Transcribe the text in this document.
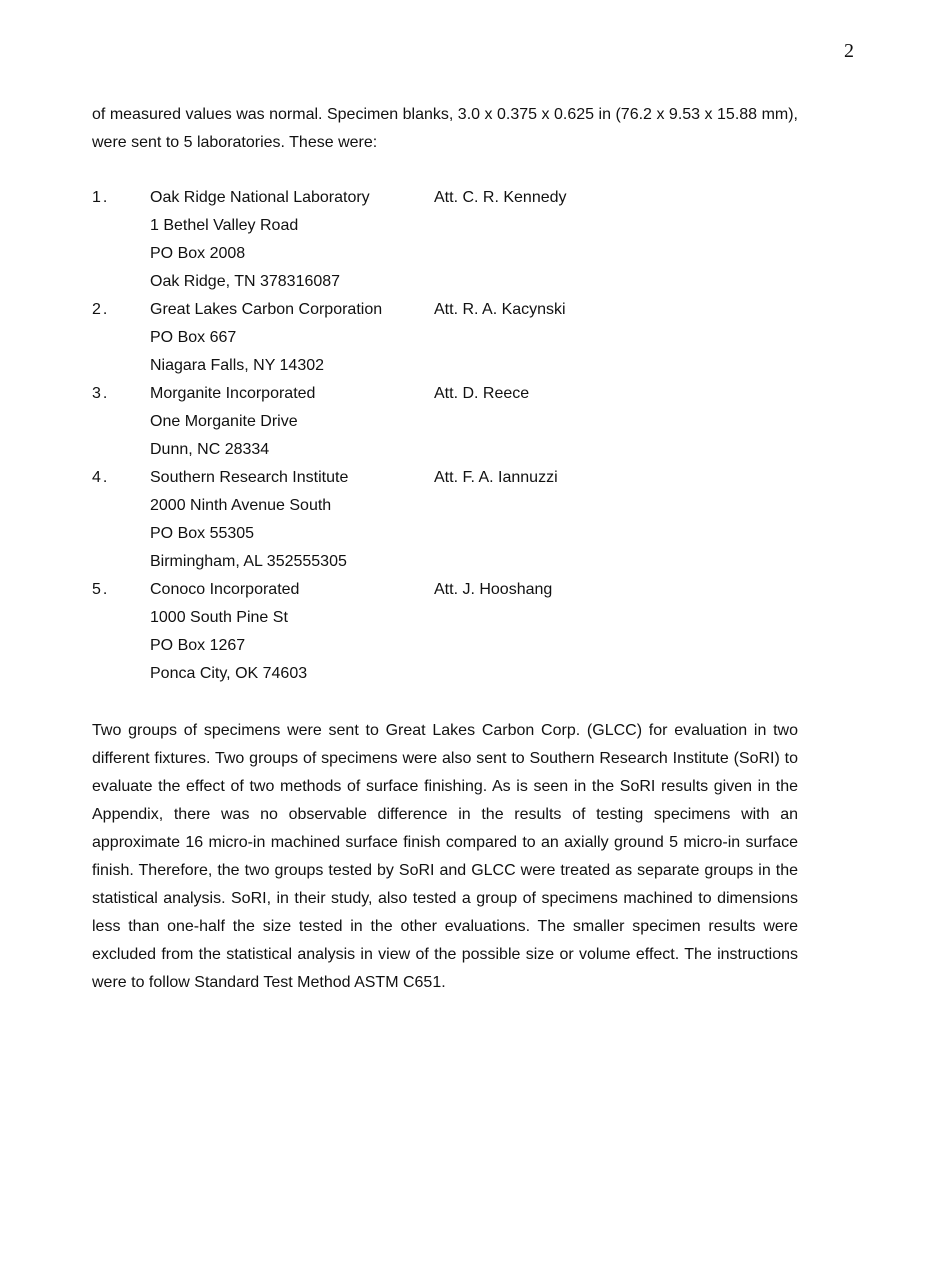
2

of measured values was normal. Specimen blanks, 3.0 x 0.375 x 0.625 in (76.2 x 9.53 x 15.88 mm), were sent to 5 laboratories. These were:

1.	Oak Ridge National Laboratory
1 Bethel Valley Road
PO Box 2008
Oak Ridge, TN 378316087
Att. C. R. Kennedy
2.	Great Lakes Carbon Corporation
PO Box 667
Niagara Falls, NY 14302
Att. R. A. Kacynski
3.	Morganite Incorporated
One Morganite Drive
Dunn, NC 28334
Att. D. Reece
4.	Southern Research Institute
2000 Ninth Avenue South
PO Box 55305
Birmingham, AL 352555305
Att. F. A. Iannuzzi
5.	Conoco Incorporated
1000 South Pine St
PO Box 1267
Ponca City, OK 74603
Att. J. Hooshang

Two groups of specimens were sent to Great Lakes Carbon Corp. (GLCC) for evaluation in two different fixtures. Two groups of specimens were also sent to Southern Research Institute (SoRI) to evaluate the effect of two methods of surface finishing. As is seen in the SoRI results given in the Appendix, there was no observable difference in the results of testing specimens with an approximate 16 micro-in machined surface finish compared to an axially ground 5 micro-in surface finish. Therefore, the two groups tested by SoRI and GLCC were treated as separate groups in the statistical analysis. SoRI, in their study, also tested a group of specimens machined to dimensions less than one-half the size tested in the other evaluations. The smaller specimen results were excluded from the statistical analysis in view of the possible size or volume effect. The instructions were to follow Standard Test Method ASTM C651.
